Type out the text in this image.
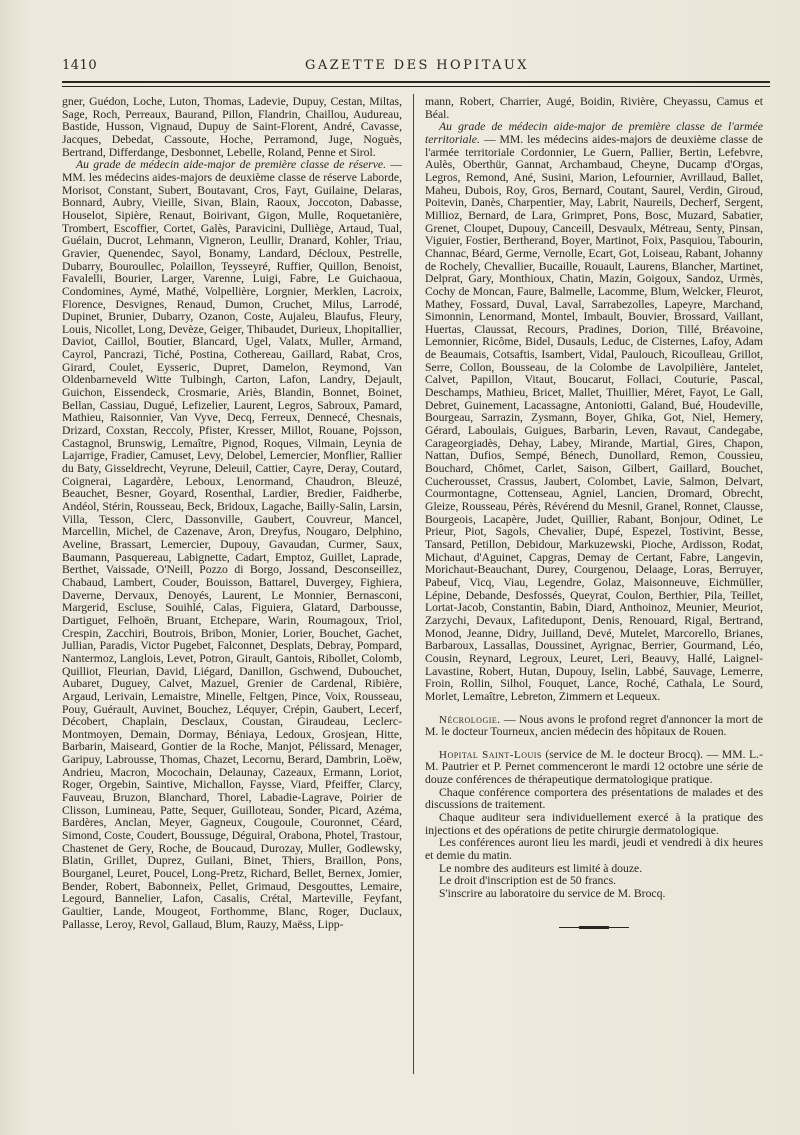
1410	GAZETTE DES HOPITAUX

gner, Guédon, Loche, Luton, Thomas, Ladevie, Dupuy, Cestan, Miltas, Sage, Roch, Perreaux, Baurand, Pillon, Flandrin, Chaillou, Audureau, Bastide, Husson, Vignaud, Dupuy de Saint-Florent, André, Cavasse, Jacques, Debedat, Cassoute, Hoche, Perramond, Juge, Noguès, Bertrand, Differdange, Desbonnet, Lebelle, Roland, Penne et Sirol.

Au grade de médecin aide-major de première classe de réserve. — MM. les médecins aides-majors de deuxième classe de réserve Laborde, Morisot, Constant, Subert, Boutavant, Cros, Fayt, Guilaine, Delaras, Bonnard, Aubry, Vieille, Sivan, Blain, Raoux, Joccoton, Dabasse, Houselot, Sipière, Renaut, Boirivant, Gigon, Mulle, Roquetanière, Trombert, Escoffier, Cortet, Galès, Paravicini, Dulliège, Artaud, Tual, Guélain, Ducrot, Lehmann, Vigneron, Leullir, Dranard, Kohler, Triau, Gravier, Quenendec, Sayol, Bonamy, Landard, Décloux, Pestrelle, Dubarry, Bouroullec, Polaillon, Teysseyré, Ruffier, Quillon, Benoist, Favalelli, Bourier, Larger, Varenne, Luigi, Fabre, Le Guichaoua, Condomines, Aymé, Mathé, Volpellière, Lorgnier, Merklen, Lacroix, Florence, Desvignes, Renaud, Dumon, Cruchet, Milus, Larrodé, Dupinet, Brunier, Dubarry, Ozanon, Coste, Aujaleu, Blaufus, Fleury, Louis, Nicollet, Long, Devèze, Geiger, Thibaudet, Durieux, Lhopitallier, Daviot, Caillol, Boutier, Blancard, Ugel, Valatx, Muller, Armand, Cayrol, Pancrazi, Tiché, Postina, Cothereau, Gaillard, Rabat, Cros, Girard, Coulet, Eysseric, Dupret, Damelon, Reymond, Van Oldenbarneveld Witte Tulbingh, Carton, Lafon, Landry, Dejault, Guichon, Eissendeck, Crosmarie, Ariès, Blandin, Bonnet, Boinet, Bellan, Cassiau, Dugué, Lefizelier, Laurent, Legros, Sabroux, Pamard, Mathieu, Raisonnier, Van Vyve, Decq, Ferreux, Dennecé, Chesnais, Drizard, Coxstan, Reccoly, Pfister, Kresser, Millot, Rouane, Pojsson, Castagnol, Brunswig, Lemaître, Pignod, Roques, Vilmain, Leynia de Lajarrige, Fradier, Camuset, Levy, Delobel, Lemercier, Monflier, Rallier du Baty, Gisseldrecht, Veyrune, Deleuil, Cattier, Cayre, Deray, Coutard, Coignerai, Lagardère, Leboux, Lenormand, Chaudron, Bleuzé, Beauchet, Besner, Goyard, Rosenthal, Lardier, Bredier, Faidherbe, Andéol, Stérin, Rousseau, Beck, Bridoux, Lagache, Bailly-Salin, Larsin, Villa, Tesson, Clerc, Dassonville, Gaubert, Couvreur, Mancel, Marcellin, Michel, de Cazenave, Aron, Dreyfus, Nougaro, Delphino, Aveline, Brassart, Lemercier, Dupouy, Gavaudan, Curmer, Saux, Baumann, Pasquereau, Labignette, Cadart, Emptoz, Guillet, Laprade, Berthet, Vaissade, O'Neill, Pozzo di Borgo, Jossand, Desconseillez, Chabaud, Lambert, Couder, Bouisson, Battarel, Duvergey, Fighiera, Daverne, Dervaux, Denoyés, Laurent, Le Monnier, Bernasconi, Margerid, Escluse, Souihlé, Calas, Figuiera, Glatard, Darbousse, Dartiguet, Felhoën, Bruant, Etchepare, Warin, Roumagoux, Triol, Crespin, Zacchiri, Boutrois, Bribon, Monier, Lorier, Bouchet, Gachet, Jullian, Paradis, Victor Pugebet, Falconnet, Desplats, Debray, Pompard, Nantermoz, Langlois, Levet, Potron, Girault, Gantois, Ribollet, Colomb, Quilliot, Fleurian, David, Liégard, Danillon, Gschwend, Dubouchet, Aubaret, Duguey, Calvet, Mazuel, Grenier de Cardenal, Ribière, Argaud, Lerivain, Lemaistre, Minelle, Feltgen, Pince, Voix, Rousseau, Pouy, Guérault, Auvinet, Bouchez, Léquyer, Crépin, Gaubert, Lecerf, Décobert, Chaplain, Desclaux, Coustan, Giraudeau, Leclerc-Montmoyen, Demain, Dormay, Béniaya, Ledoux, Grosjean, Hitte, Barbarin, Maiseard, Gontier de la Roche, Manjot, Pélissard, Menager, Garipuy, Labrousse, Thomas, Chazet, Lecornu, Berard, Dambrin, Loëw, Andrieu, Macron, Mocochain, Delaunay, Cazeaux, Ermann, Loriot, Roger, Orgebin, Saintive, Michallon, Faysse, Viard, Pfeiffer, Clarcy, Fauveau, Bruzon, Blanchard, Thorel, Labadie-Lagrave, Poirier de Clisson, Lumineau, Patte, Sequer, Guilloteau, Sonder, Picard, Azéma, Bardères, Anclan, Meyer, Gagneux, Cougoule, Couronnet, Céard, Simond, Coste, Coudert, Boussuge, Déguiral, Orabona, Photel, Trastour, Chastenet de Gery, Roche, de Boucaud, Durozay, Muller, Godlewsky, Blatin, Grillet, Duprez, Guilani, Binet, Thiers, Braillon, Pons, Bourganel, Leuret, Poucel, Long-Pretz, Richard, Bellet, Bernex, Jomier, Bender, Robert, Babonneix, Pellet, Grimaud, Desgouttes, Lemaire, Legourd, Bannelier, Lafon, Casalis, Crétal, Marteville, Feyfant, Gaultier, Lande, Mougeot, Forthomme, Blanc, Roger, Duclaux, Pallasse, Leroy, Revol, Gallaud, Blum, Rauzy, Maëss, Lipp-

mann, Robert, Charrier, Augé, Boidin, Rivière, Cheyassu, Camus et Béal.

Au grade de médecin aide-major de première classe de l'armée territoriale. — MM. les médecins aides-majors de deuxième classe de l'armée territoriale Cordonnier, Le Guern, Pallier, Bertin, Lefebvre, Aulès, Oberthür, Gannat, Archambaud, Cheyne, Ducamp d'Orgas, Legros, Remond, Ané, Susini, Marion, Lefournier, Avrillaud, Ballet, Maheu, Dubois, Roy, Gros, Bernard, Coutant, Saurel, Verdin, Giroud, Poitevin, Danès, Charpentier, May, Labrit, Naureils, Decherf, Sergent, Millioz, Bernard, de Lara, Grimpret, Pons, Bosc, Muzard, Sabatier, Grenet, Cloupet, Dupouy, Canceill, Desvaulx, Métreau, Senty, Pinsan, Viguier, Fostier, Bertherand, Boyer, Martinot, Foix, Pasquiou, Tabourin, Channac, Béard, Germe, Vernolle, Ecart, Got, Loiseau, Rabant, Johanny de Rochely, Chevallier, Bucaille, Rouault, Laurens, Blancher, Martinet, Delprat, Gary, Monthioux, Chatin, Mazin, Goigoux, Sandoz, Urmès, Cochy de Moncan, Faure, Balmelle, Lacomme, Blum, Welcker, Fleurot, Mathey, Fossard, Duval, Laval, Sarrabezolles, Lapeyre, Marchand, Simonnin, Lenormand, Montel, Imbault, Bouvier, Brossard, Vaillant, Huertas, Claussat, Recours, Pradines, Dorion, Tillé, Bréavoine, Lemonnier, Ricôme, Bidel, Dusauls, Leduc, de Cisternes, Lafoy, Adam de Beaumais, Cotsaftis, Isambert, Vidal, Paulouch, Ricoulleau, Grillot, Serre, Collon, Bousseau, de la Colombe de Lavolpilière, Jantelet, Calvet, Papillon, Vitaut, Boucarut, Follaci, Couturie, Pascal, Deschamps, Mathieu, Bricet, Mallet, Thuillier, Méret, Fayot, Le Gall, Debret, Guinement, Lacassagne, Antoniotti, Galand, Bué, Houdeville, Bourgeau, Sarrazin, Zysmann, Boyer, Ghika, Got, Niel, Hemery, Gérard, Laboulais, Guigues, Barbarin, Leven, Ravaut, Candegabe, Carageorgiadès, Dehay, Labey, Mirande, Martial, Gires, Chapon, Nattan, Dufios, Sempé, Bénech, Dunollard, Remon, Coussieu, Bouchard, Chômet, Carlet, Saison, Gilbert, Gaillard, Bouchet, Cucherousset, Crassus, Jaubert, Colombet, Lavie, Salmon, Delvart, Courmontagne, Cottenseau, Agniel, Lancien, Dromard, Obrecht, Gleize, Rousseau, Pérès, Révérend du Mesnil, Granel, Ronnet, Clausse, Bourgeois, Lacapère, Judet, Quillier, Rabant, Bonjour, Odinet, Le Prieur, Piot, Sagols, Chevalier, Dupé, Espezel, Tostivint, Besse, Tansard, Petillon, Debidour, Markuzewski, Pioche, Ardisson, Rodat, Michaut, d'Aguinet, Capgras, Demay de Certant, Fabre, Langevin, Morichaut-Beauchant, Durey, Courgenou, Delaage, Loras, Berruyer, Pabeuf, Vicq, Viau, Legendre, Golaz, Maisonneuve, Eichmüller, Lépine, Debande, Desfossés, Queyrat, Coulon, Berthier, Pila, Teillet, Lortat-Jacob, Constantin, Babin, Diard, Anthoinoz, Meunier, Meuriot, Zarzychi, Devaux, Lafitedupont, Denis, Renouard, Rigal, Bertrand, Monod, Jeanne, Didry, Juilland, Devé, Mutelet, Marcorello, Brianes, Barbaroux, Lassallas, Doussinet, Ayrignac, Berrier, Gourmand, Léo, Cousin, Reynard, Legroux, Leuret, Leri, Beauvy, Hallé, Laignel-Lavastine, Robert, Hutan, Dupouy, Iselin, Labbé, Sauvage, Lemerre, Froin, Rollin, Silhol, Fouquet, Lance, Roché, Cathala, Le Sourd, Morlet, Lemaître, Lebreton, Zimmern et Lequeux.

Nécrologie. — Nous avons le profond regret d'annoncer la mort de M. le docteur Tourneux, ancien médecin des hôpitaux de Rouen.

Hopital Saint-Louis (service de M. le docteur Brocq). — MM. L.-M. Pautrier et P. Pernet commenceront le mardi 12 octobre une série de douze conférences de thérapeutique dermatologique pratique.

Chaque conférence comportera des présentations de malades et des discussions de traitement.

Chaque auditeur sera individuellement exercé à la pratique des injections et des opérations de petite chirurgie dermatologique.

Les conférences auront lieu les mardi, jeudi et vendredi à dix heures et demie du matin.

Le nombre des auditeurs est limité à douze.

Le droit d'inscription est de 50 francs.

S'inscrire au laboratoire du service de M. Brocq.
